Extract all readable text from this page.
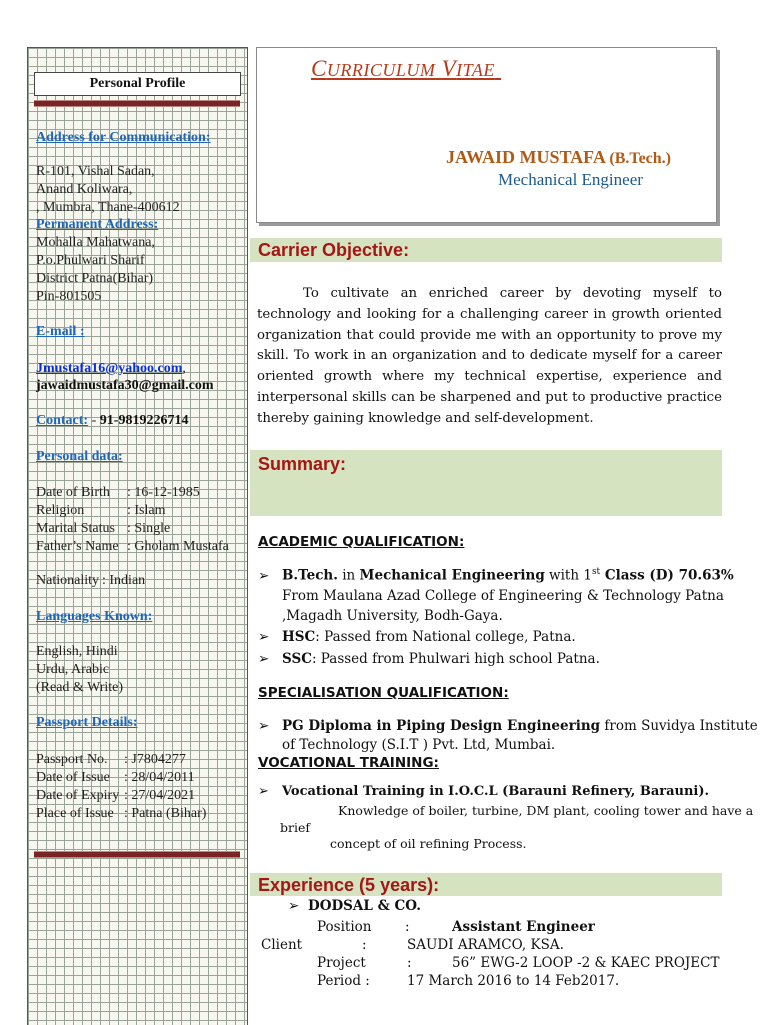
Personal Profile
Address for Communication:
R-101, Vishal Sadan,
Anand Koliwara,
, Mumbra, Thane-400612
Permanent Address:
Mohalla Mahatwana,
P.o.Phulwari Sharif
District Patna(Bihar)
Pin-801505
E-mail :
Jmustafa16@yahoo.com,
jawaidmustafa30@gmail.com
Contact: - 91-9819226714
Personal data:
Date of Birth : 16-12-1985
Religion	: Islam
Marital Status : Single
Father’s Name : Gholam Mustafa
Nationality : Indian
Languages Known:
English, Hindi
Urdu, Arabic
(Read & Write)
Passport Details:
Passport No. : J7804277
Date of Issue : 28/04/2011
Date of Expiry : 27/04/2021
Place of Issue : Patna (Bihar)
CURRICULUM VITAE
JAWAID MUSTAFA (B.Tech.)
Mechanical Engineer
Carrier Objective:
To cultivate an enriched career by devoting myself to technology and looking for a challenging career in growth oriented organization that could provide me with an opportunity to prove my skill. To work in an organization and to dedicate myself for a career oriented growth where my technical expertise, experience and interpersonal skills can be sharpened and put to productive practice thereby gaining knowledge and self-development.
Summary:
ACADEMIC QUALIFICATION:
➢ B.Tech. in Mechanical Engineering with 1st Class (D) 70.63%
From Maulana Azad College of Engineering & Technology Patna
,Magadh University, Bodh-Gaya.
➢ HSC: Passed from National college, Patna.
➢ SSC: Passed from Phulwari high school Patna.
SPECIALISATION QUALIFICATION:
➢ PG Diploma in Piping Design Engineering from Suvidya Institute
of Technology (S.I.T ) Pvt. Ltd, Mumbai.
VOCATIONAL TRAINING:
➢ Vocational Training in I.O.C.L (Barauni Refinery, Barauni).
Knowledge of boiler, turbine, DM plant, cooling tower and have a
brief
concept of oil refining Process.
Experience (5 years):
➢ DODSAL & CO.
Position :	Assistant Engineer
Client	:	SAUDI ARAMCO, KSA.
Project	:	56” EWG-2 LOOP -2 & KAEC PROJECT
Period :	17 March 2016 to 14 Feb2017.
